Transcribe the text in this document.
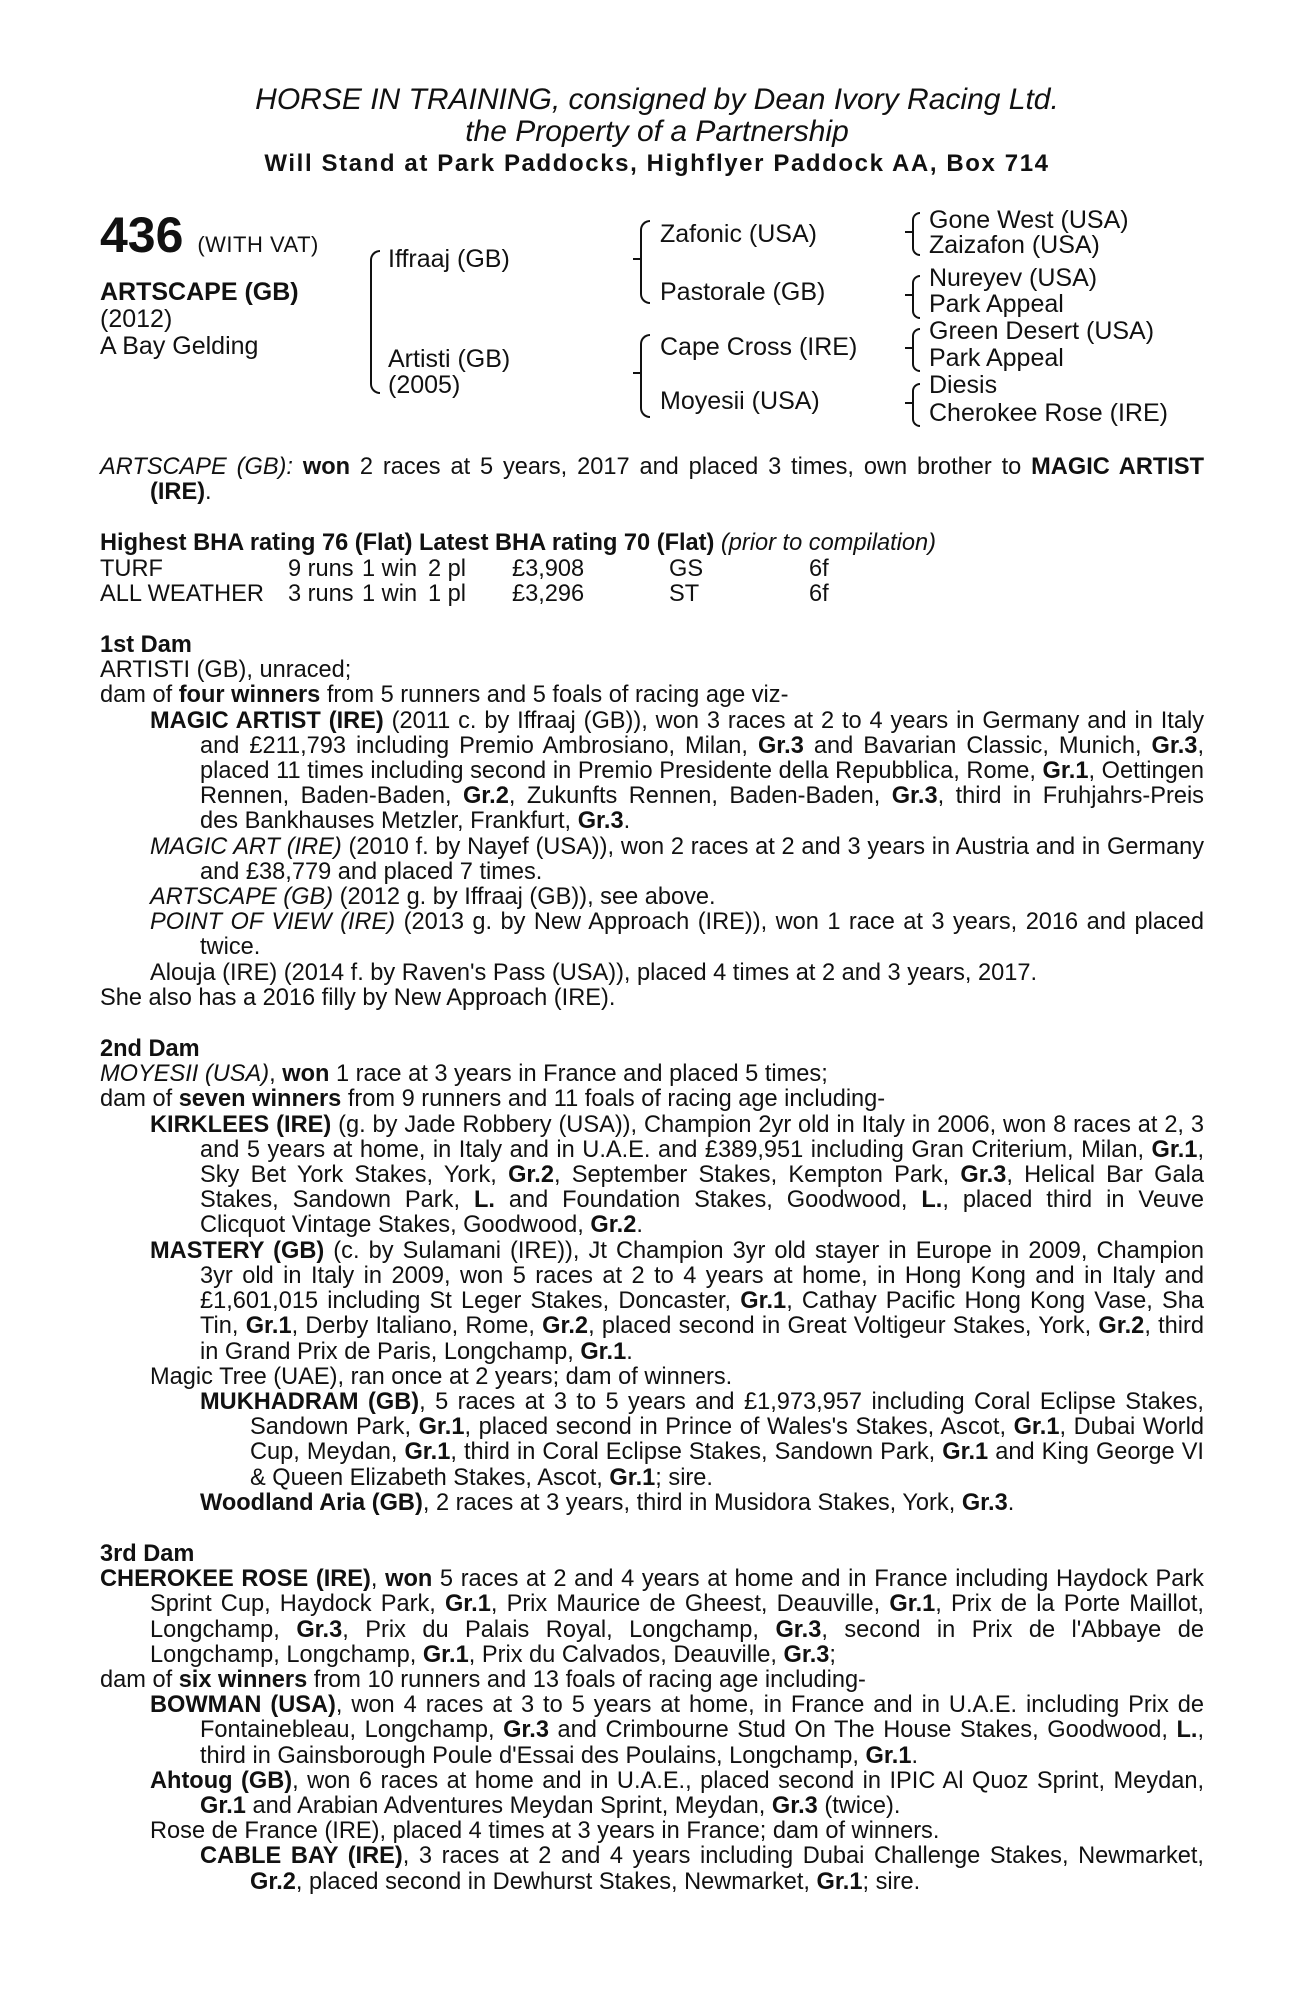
HORSE IN TRAINING, consigned by Dean Ivory Racing Ltd.
the Property of a Partnership
Will Stand at Park Paddocks, Highflyer Paddock AA, Box 714
436 (WITH VAT)
ARTSCAPE (GB)
(2012)
A Bay Gelding
Iffraaj (GB)
Artisti (GB)
(2005)
Zafonic (USA)
Pastorale (GB)
Cape Cross (IRE)
Moyesii (USA)
Gone West (USA)
Zaizafon (USA)
Nureyev (USA)
Park Appeal
Green Desert (USA)
Park Appeal
Diesis
Cherokee Rose (IRE)

ARTSCAPE (GB): won 2 races at 5 years, 2017 and placed 3 times, own brother to MAGIC ARTIST (IRE).

Highest BHA rating 76 (Flat) Latest BHA rating 70 (Flat) (prior to compilation)

TURF	9 runs	1 win	2 pl	£3,908	GS	6f
ALL WEATHER	3 runs	1 win	1 pl	£3,296	ST	6f

1st Dam

ARTISTI (GB), unraced;

dam of four winners from 5 runners and 5 foals of racing age viz-

MAGIC ARTIST (IRE) (2011 c. by Iffraaj (GB)), won 3 races at 2 to 4 years in Germany and in Italy and £211,793 including Premio Ambrosiano, Milan, Gr.3 and Bavarian Classic, Munich, Gr.3, placed 11 times including second in Premio Presidente della Repubblica, Rome, Gr.1, Oettingen Rennen, Baden-Baden, Gr.2, Zukunfts Rennen, Baden-Baden, Gr.3, third in Fruhjahrs-Preis des Bankhauses Metzler, Frankfurt, Gr.3.

MAGIC ART (IRE) (2010 f. by Nayef (USA)), won 2 races at 2 and 3 years in Austria and in Germany and £38,779 and placed 7 times.

ARTSCAPE (GB) (2012 g. by Iffraaj (GB)), see above.

POINT OF VIEW (IRE) (2013 g. by New Approach (IRE)), won 1 race at 3 years, 2016 and placed twice.

Alouja (IRE) (2014 f. by Raven's Pass (USA)), placed 4 times at 2 and 3 years, 2017.

She also has a 2016 filly by New Approach (IRE).

2nd Dam

MOYESII (USA), won 1 race at 3 years in France and placed 5 times;

dam of seven winners from 9 runners and 11 foals of racing age including-

KIRKLEES (IRE) (g. by Jade Robbery (USA)), Champion 2yr old in Italy in 2006, won 8 races at 2, 3 and 5 years at home, in Italy and in U.A.E. and £389,951 including Gran Criterium, Milan, Gr.1, Sky Bet York Stakes, York, Gr.2, September Stakes, Kempton Park, Gr.3, Helical Bar Gala Stakes, Sandown Park, L. and Foundation Stakes, Goodwood, L., placed third in Veuve Clicquot Vintage Stakes, Goodwood, Gr.2.

MASTERY (GB) (c. by Sulamani (IRE)), Jt Champion 3yr old stayer in Europe in 2009, Champion 3yr old in Italy in 2009, won 5 races at 2 to 4 years at home, in Hong Kong and in Italy and £1,601,015 including St Leger Stakes, Doncaster, Gr.1, Cathay Pacific Hong Kong Vase, Sha Tin, Gr.1, Derby Italiano, Rome, Gr.2, placed second in Great Voltigeur Stakes, York, Gr.2, third in Grand Prix de Paris, Longchamp, Gr.1.

Magic Tree (UAE), ran once at 2 years; dam of winners.

MUKHADRAM (GB), 5 races at 3 to 5 years and £1,973,957 including Coral Eclipse Stakes, Sandown Park, Gr.1, placed second in Prince of Wales's Stakes, Ascot, Gr.1, Dubai World Cup, Meydan, Gr.1, third in Coral Eclipse Stakes, Sandown Park, Gr.1 and King George VI & Queen Elizabeth Stakes, Ascot, Gr.1; sire.

Woodland Aria (GB), 2 races at 3 years, third in Musidora Stakes, York, Gr.3.

3rd Dam

CHEROKEE ROSE (IRE), won 5 races at 2 and 4 years at home and in France including Haydock Park Sprint Cup, Haydock Park, Gr.1, Prix Maurice de Gheest, Deauville, Gr.1, Prix de la Porte Maillot, Longchamp, Gr.3, Prix du Palais Royal, Longchamp, Gr.3, second in Prix de l'Abbaye de Longchamp, Longchamp, Gr.1, Prix du Calvados, Deauville, Gr.3;

dam of six winners from 10 runners and 13 foals of racing age including-

BOWMAN (USA), won 4 races at 3 to 5 years at home, in France and in U.A.E. including Prix de Fontainebleau, Longchamp, Gr.3 and Crimbourne Stud On The House Stakes, Goodwood, L., third in Gainsborough Poule d'Essai des Poulains, Longchamp, Gr.1.

Ahtoug (GB), won 6 races at home and in U.A.E., placed second in IPIC Al Quoz Sprint, Meydan, Gr.1 and Arabian Adventures Meydan Sprint, Meydan, Gr.3 (twice).

Rose de France (IRE), placed 4 times at 3 years in France; dam of winners.

CABLE BAY (IRE), 3 races at 2 and 4 years including Dubai Challenge Stakes, Newmarket, Gr.2, placed second in Dewhurst Stakes, Newmarket, Gr.1; sire.
